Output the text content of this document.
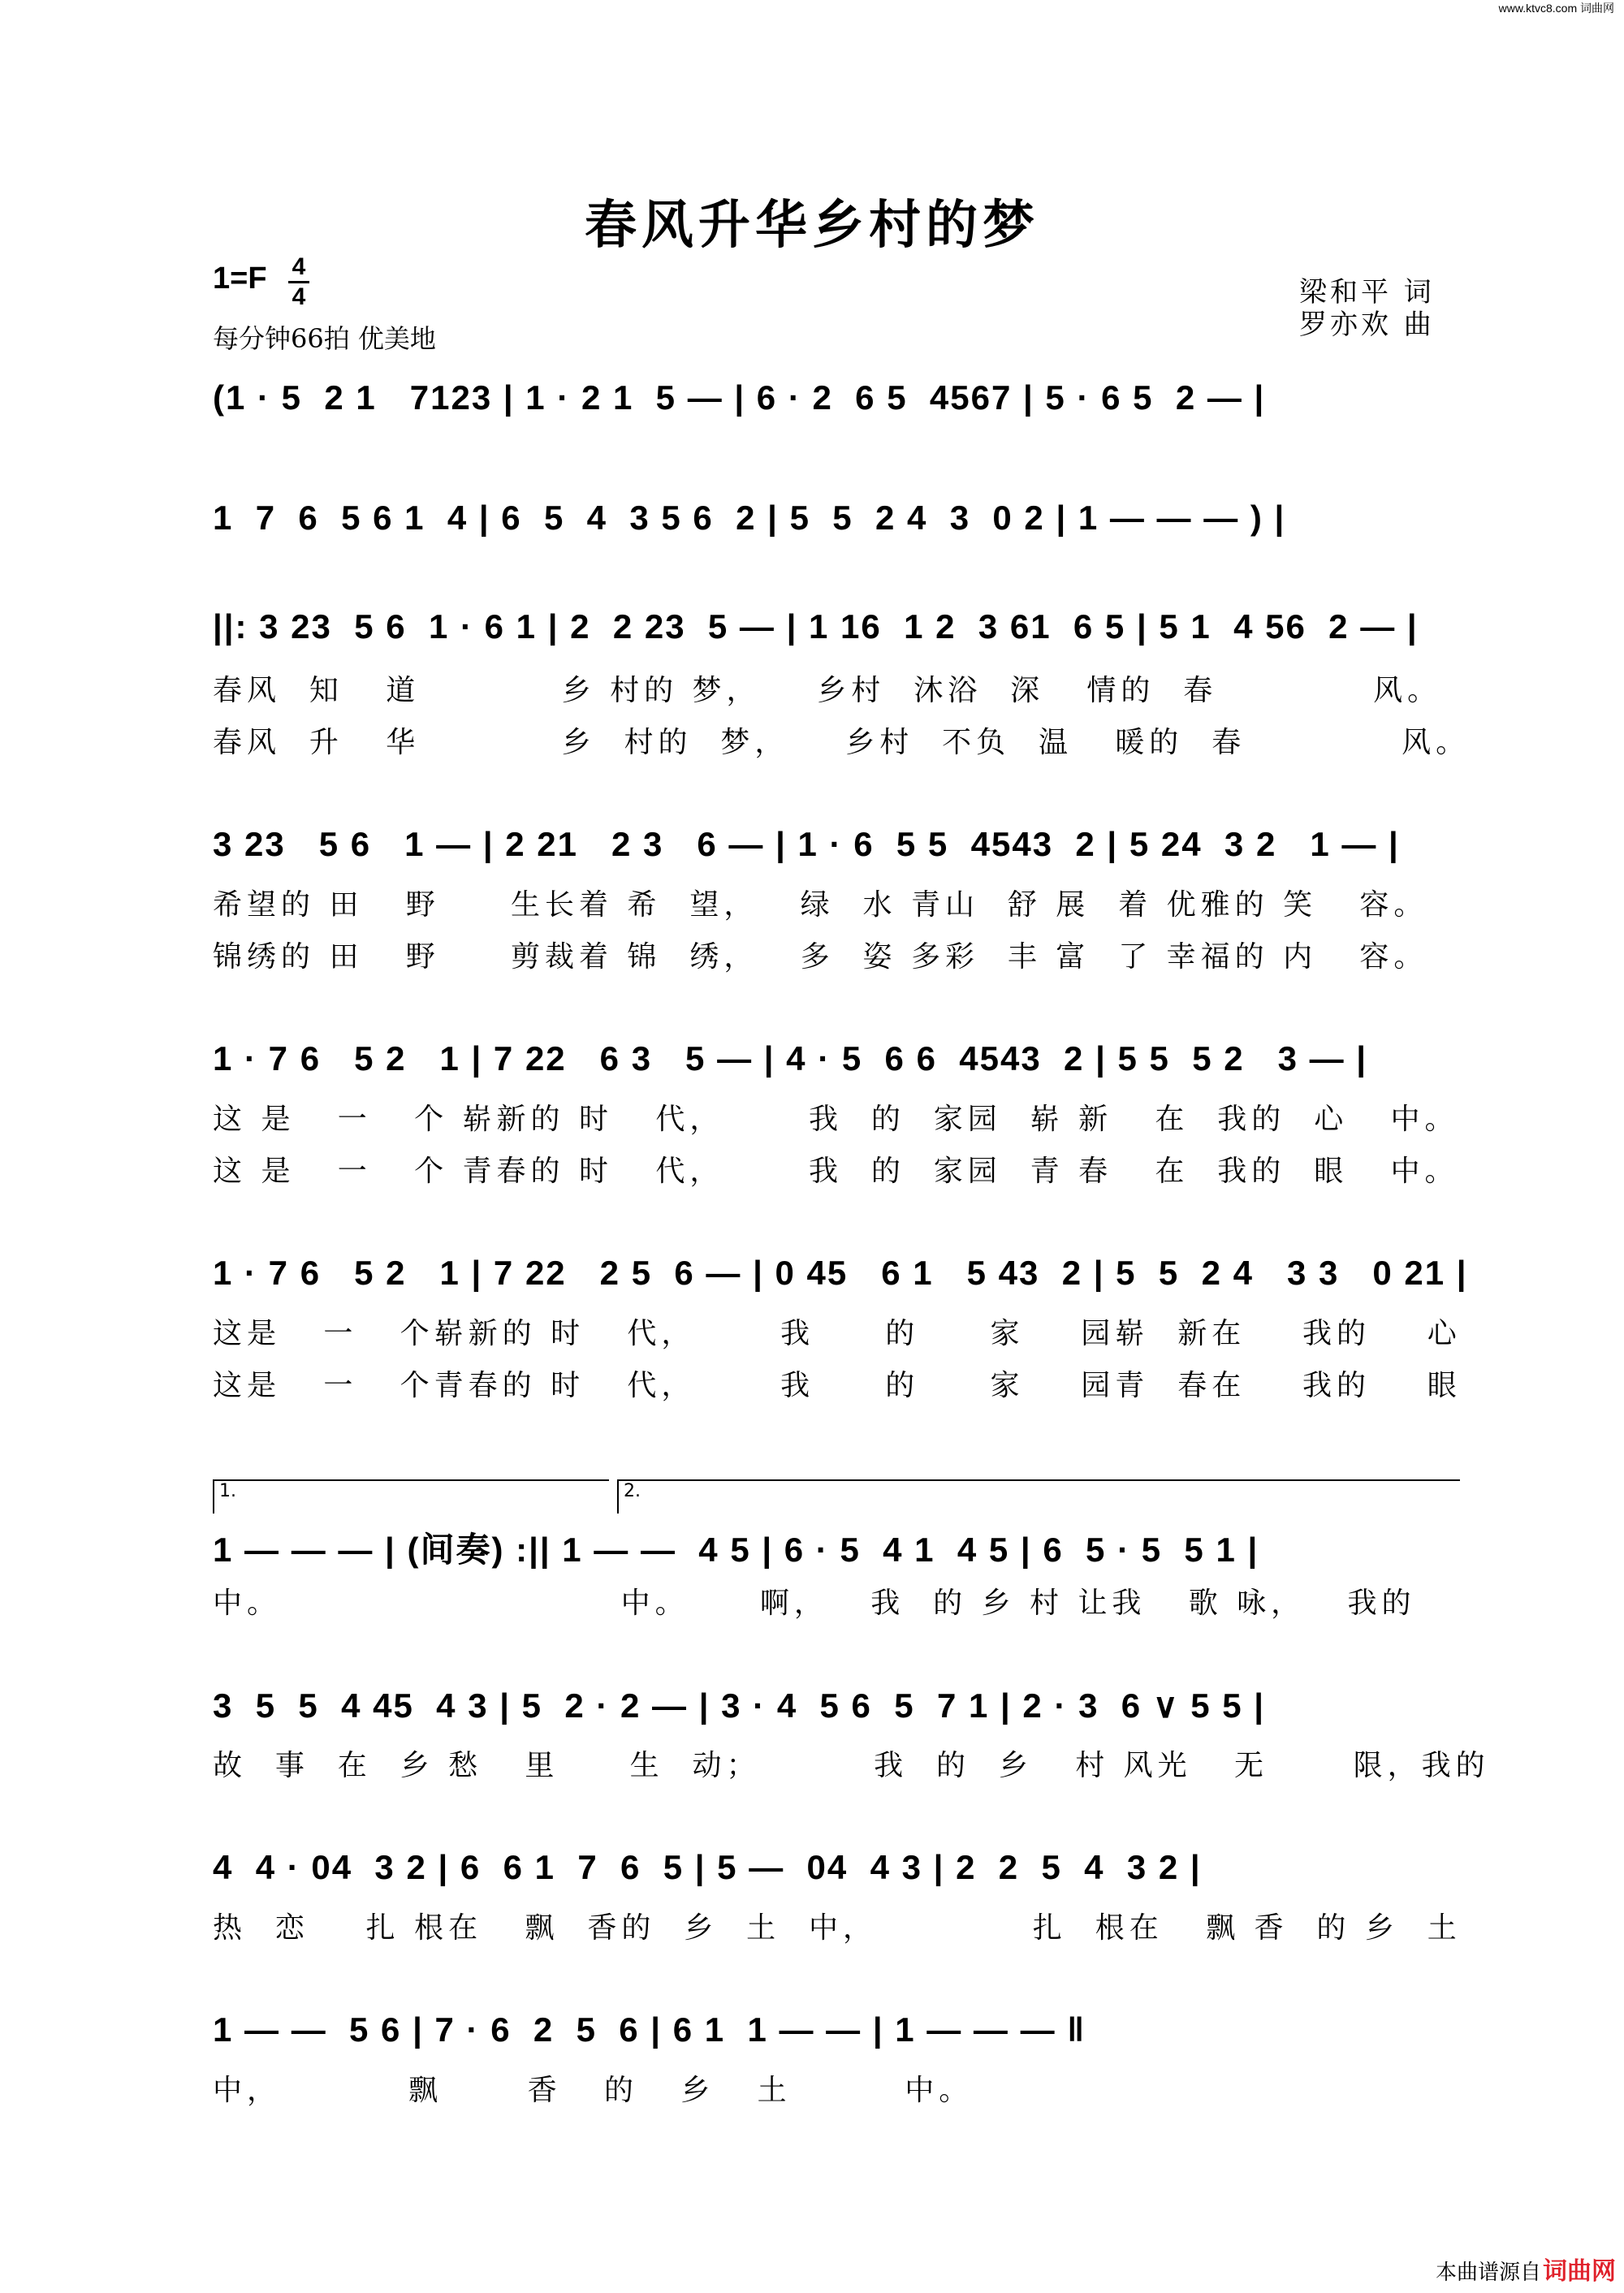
www.ktvc8.com 词曲网
春风升华乡村的梦
1=F 4
4
每分钟66拍 优美地
梁和平 词
罗亦欢 曲
(1 · 5  2 1   7123 | 1 · 2 1  5 — | 6 · 2  6 5  4567 | 5 · 6 5  2 — |
1  7  6  5 6 1  4 | 6  5  4  3 5 6  2 | 5  5  2 4  3  0 2 | 1 — — — ) |
||: 3 23  5 6  1 · 6 1 | 2  2 23  5 — | 1 16  1 2  3 61  6 5 | 5 1  4 56  2 — |
春风  知   道          乡 村的 梦，    乡村  沐浴  深   情的  春           风。
春风  升   华          乡  村的  梦，    乡村  不负  温   暖的  春           风。
3 23   5 6   1 — | 2 21   2 3   6 — | 1 · 6  5 5  4543  2 | 5 24  3 2   1 — |
希望的 田   野     生长着 希  望，   绿  水 青山  舒 展  着 优雅的 笑   容。
锦绣的 田   野     剪裁着 锦  绣，   多  姿 多彩  丰 富  了 幸福的 内   容。
1 · 7 6   5 2   1 | 7 22   6 3   5 — | 4 · 5  6 6  4543  2 | 5 5  5 2   3 — |
这 是   一   个 崭新的 时   代，      我  的  家园  崭 新   在  我的  心   中。
这 是   一   个 青春的 时   代，      我  的  家园  青 春   在  我的  眼   中。
1 · 7 6   5 2   1 | 7 22   2 5  6 — | 0 45   6 1   5 43  2 | 5  5  2 4   3 3   0 21 |
这是   一   个崭新的 时   代，      我     的     家    园崭  新在    我的    心
这是   一   个青春的 时   代，      我     的     家    园青  春在    我的    眼
1.	2.
1 — — — | (间奏) :|| 1 — —  4 5 | 6 · 5  4 1  4 5 | 6  5 · 5  5 1 |
中。                        中。     啊，   我  的 乡 村 让我   歌 咏，   我的
3  5  5  4 45  4 3 | 5  2 · 2 — | 3 · 4  5 6  5  7 1 | 2 · 3  6 ∨ 5 5 |
故  事  在  乡 愁   里     生  动；        我  的  乡   村 风光   无      限，我的
4  4 · 04  3 2 | 6  6 1  7  6  5 | 5 —  04  4 3 | 2  2  5  4  3 2 |
热  恋    扎 根在   飘  香的  乡  土  中，           扎  根在   飘 香  的 乡  土
1 — —  5 6 | 7 · 6  2  5  6 | 6 1  1 — — | 1 — — — ‖
中，         飘      香   的   乡   土        中。
本曲谱源自 词曲网
